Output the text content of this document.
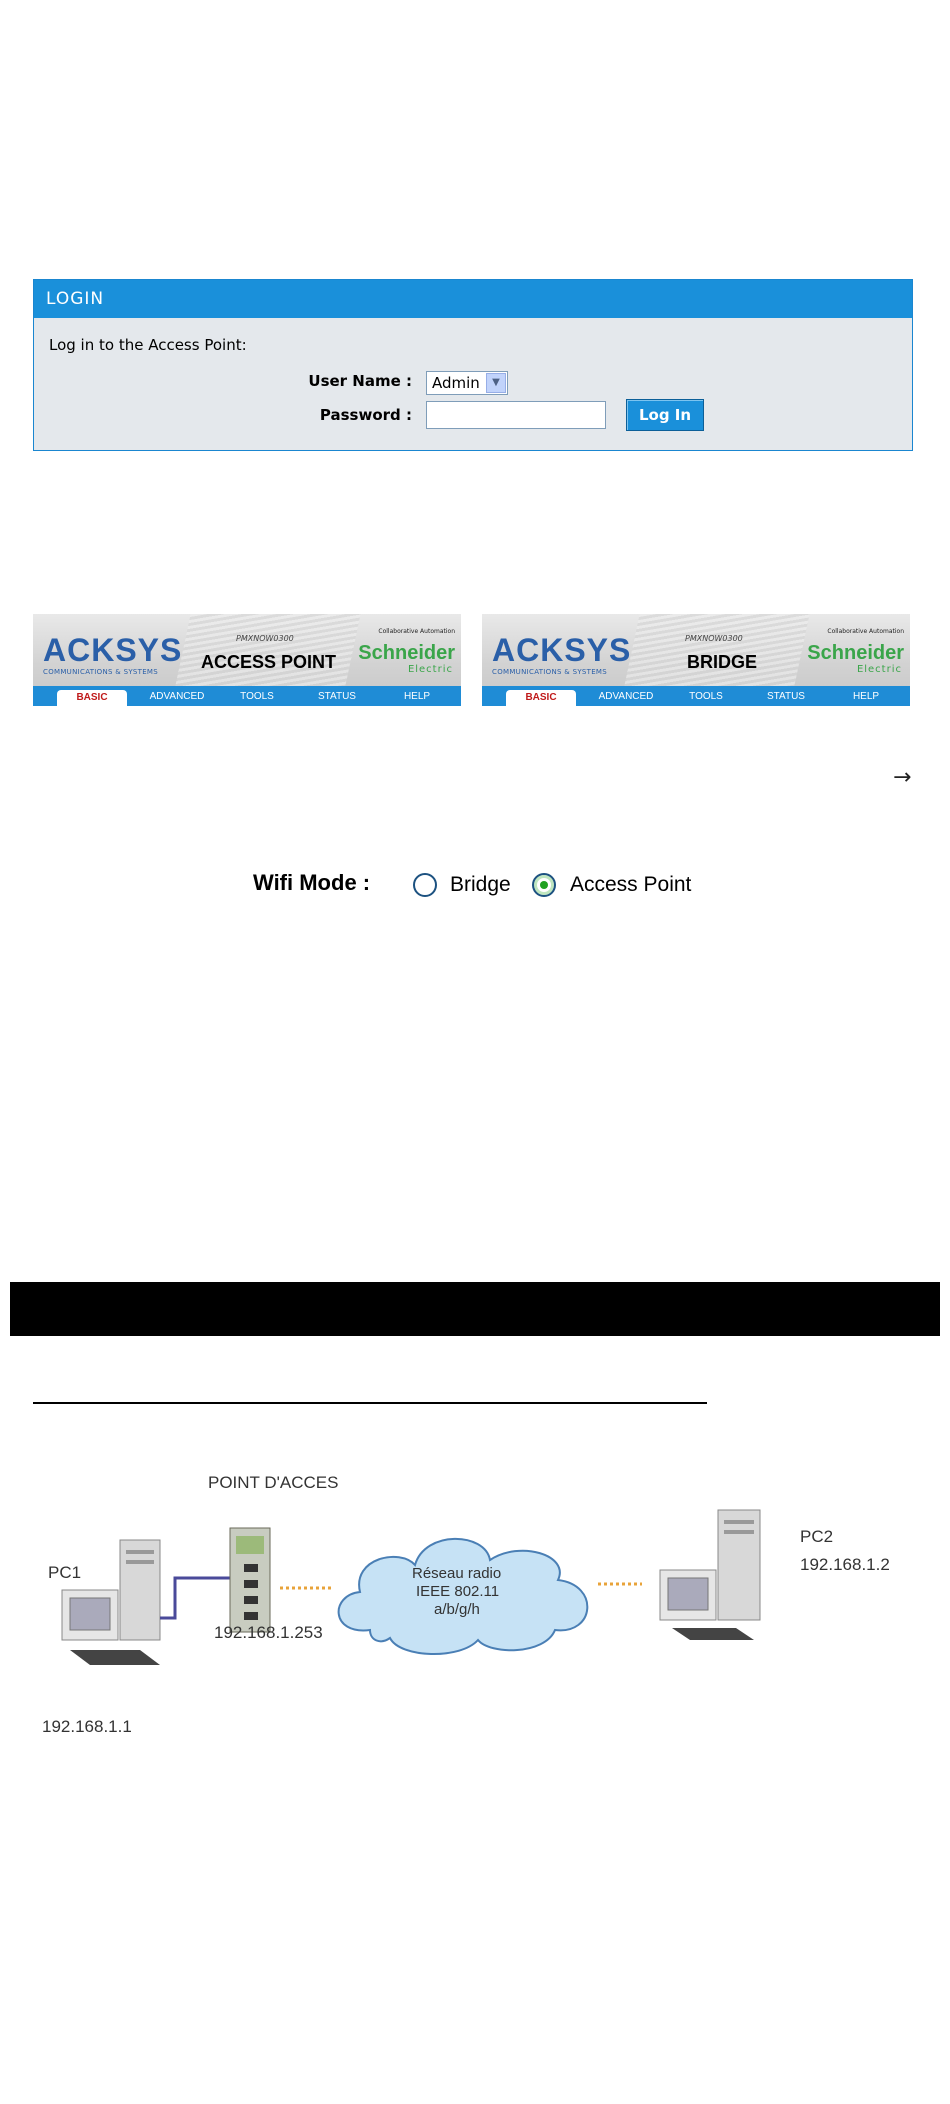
LOGIN
Log in to the Access Point:
User Name :	Admin	▼
Password :	Log In
ACKSYS
COMMUNICATIONS & SYSTEMS
PMXNOW0300
ACCESS POINT
Collaborative Automation
Schneider
Electric
BASIC	ADVANCED	TOOLS	STATUS	HELP
ACKSYS
COMMUNICATIONS & SYSTEMS
PMXNOW0300
BRIDGE
Collaborative Automation
Schneider
Electric
BASIC	ADVANCED	TOOLS	STATUS	HELP
→
Wifi Mode :	Bridge	Access Point
POINT D'ACCES
PC1
192.168.1.253
192.168.1.1
Réseau radio
IEEE 802.11
a/b/g/h
PC2
192.168.1.2
